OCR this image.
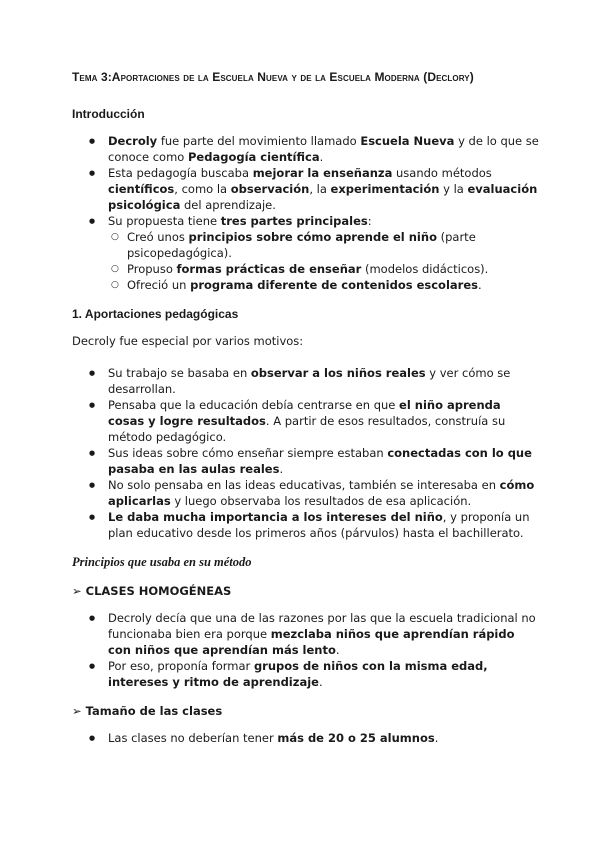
Tema 3:Aportaciones de la Escuela Nueva y de la Escuela Moderna (Declory)
Introducción
● Decroly fue parte del movimiento llamado Escuela Nueva y de lo que se conoce como Pedagogía científica.
● Esta pedagogía buscaba mejorar la enseñanza usando métodos científicos, como la observación, la experimentación y la evaluación psicológica del aprendizaje.
● Su propuesta tiene tres partes principales:
○ Creó unos principios sobre cómo aprende el niño (parte psicopedagógica).
○ Propuso formas prácticas de enseñar (modelos didácticos).
○ Ofreció un programa diferente de contenidos escolares.
1. Aportaciones pedagógicas
Decroly fue especial por varios motivos:
● Su trabajo se basaba en observar a los niños reales y ver cómo se desarrollan.
● Pensaba que la educación debía centrarse en que el niño aprenda cosas y logre resultados. A partir de esos resultados, construía su método pedagógico.
● Sus ideas sobre cómo enseñar siempre estaban conectadas con lo que pasaba en las aulas reales.
● No solo pensaba en las ideas educativas, también se interesaba en cómo aplicarlas y luego observaba los resultados de esa aplicación.
● Le daba mucha importancia a los intereses del niño, y proponía un plan educativo desde los primeros años (párvulos) hasta el bachillerato.
Principios que usaba en su método
➢ CLASES HOMOGÉNEAS
● Decroly decía que una de las razones por las que la escuela tradicional no funcionaba bien era porque mezclaba niños que aprendían rápido con niños que aprendían más lento.
● Por eso, proponía formar grupos de niños con la misma edad, intereses y ritmo de aprendizaje.
➢ Tamaño de las clases
● Las clases no deberían tener más de 20 o 25 alumnos.
